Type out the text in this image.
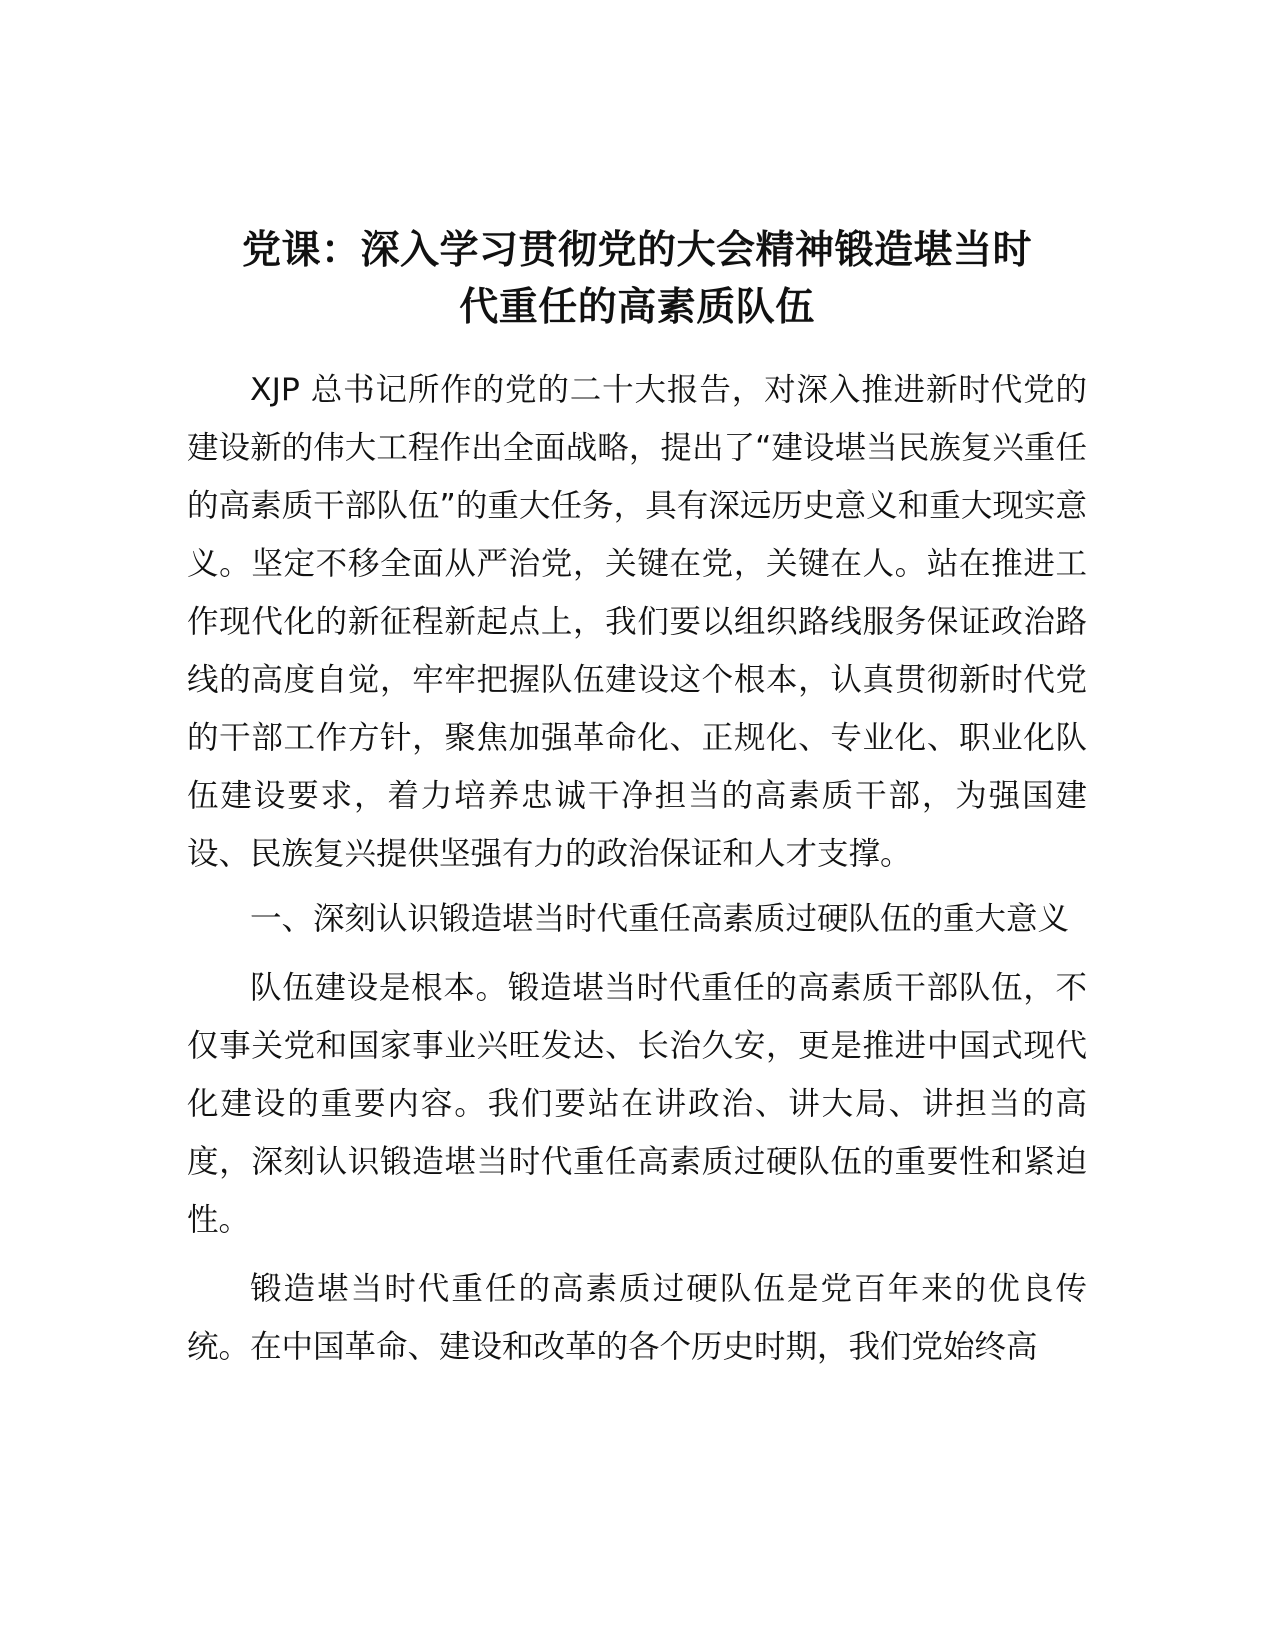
党课：深入学习贯彻党的大会精神锻造堪当时
代重任的高素质队伍

XJP 总书记所作的党的二十大报告，对深入推进新时代党的建设新的伟大工程作出全面战略，提出了“建设堪当民族复兴重任的高素质干部队伍”的重大任务，具有深远历史意义和重大现实意义。坚定不移全面从严治党，关键在党，关键在人。站在推进工作现代化的新征程新起点上，我们要以组织路线服务保证政治路线的高度自觉，牢牢把握队伍建设这个根本，认真贯彻新时代党的干部工作方针，聚焦加强革命化、正规化、专业化、职业化队伍建设要求，着力培养忠诚干净担当的高素质干部，为强国建设、民族复兴提供坚强有力的政治保证和人才支撑。

一、深刻认识锻造堪当时代重任高素质过硬队伍的重大意义

队伍建设是根本。锻造堪当时代重任的高素质干部队伍，不仅事关党和国家事业兴旺发达、长治久安，更是推进中国式现代化建设的重要内容。我们要站在讲政治、讲大局、讲担当的高度，深刻认识锻造堪当时代重任高素质过硬队伍的重要性和紧迫性。

锻造堪当时代重任的高素质过硬队伍是党百年来的优良传统。在中国革命、建设和改革的各个历史时期，我们党始终高
